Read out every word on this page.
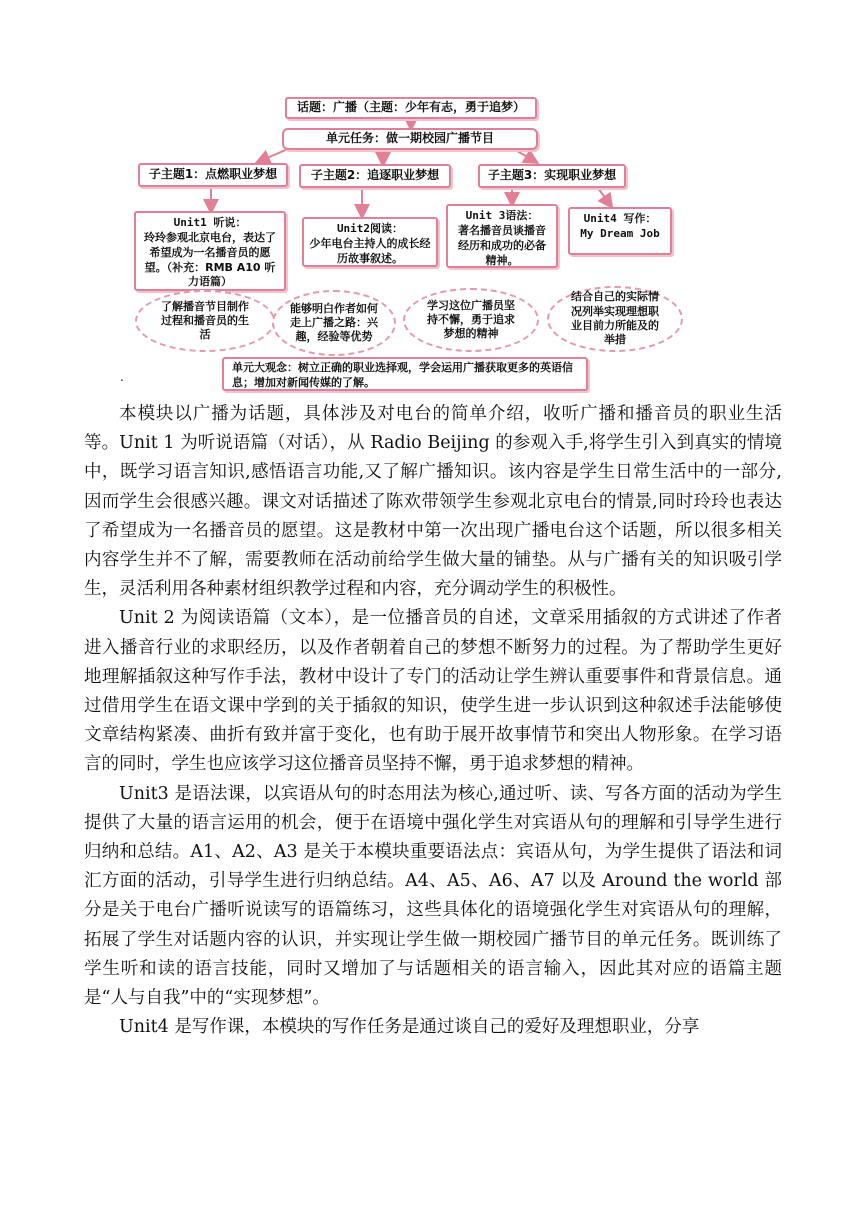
话题：广播（主题：少年有志，勇于追梦）
单元任务：做一期校园广播节目
子主题1：点燃职业梦想	子主题2：追逐职业梦想	子主题3：实现职业梦想
Unit1 听说：
玲玲参观北京电台，表达了希望成为一名播音员的愿望。（补充：RMB A10 听力语篇）
Unit2阅读：
少年电台主持人的成长经历故事叙述。
Unit 3语法：
著名播音员谈播音经历和成功的必备精神。
Unit4 写作：
My Dream Job
了解播音节目制作过程和播音员的生活
能够明白作者如何走上广播之路：兴趣，经验等优势
学习这位广播员坚持不懈，勇于追求梦想的精神
结合自己的实际情况列举实现理想职业目前力所能及的举措
单元大观念：树立正确的职业选择观，学会运用广播获取更多的英语信息；增加对新闻传媒的了解。
.

本模块以广播为话题，具体涉及对电台的简单介绍，收听广播和播音员的职业生活等。Unit 1 为听说语篇（对话），从 Radio Beijing 的参观入手,将学生引入到真实的情境中，既学习语言知识,感悟语言功能,又了解广播知识。该内容是学生日常生活中的一部分,因而学生会很感兴趣。课文对话描述了陈欢带领学生参观北京电台的情景,同时玲玲也表达了希望成为一名播音员的愿望。这是教材中第一次出现广播电台这个话题，所以很多相关内容学生并不了解，需要教师在活动前给学生做大量的铺垫。从与广播有关的知识吸引学生，灵活利用各种素材组织教学过程和内容，充分调动学生的积极性。

Unit 2 为阅读语篇（文本），是一位播音员的自述，文章采用插叙的方式讲述了作者进入播音行业的求职经历，以及作者朝着自己的梦想不断努力的过程。为了帮助学生更好地理解插叙这种写作手法，教材中设计了专门的活动让学生辨认重要事件和背景信息。通过借用学生在语文课中学到的关于插叙的知识，使学生进一步认识到这种叙述手法能够使文章结构紧凑、曲折有致并富于变化，也有助于展开故事情节和突出人物形象。在学习语言的同时，学生也应该学习这位播音员坚持不懈，勇于追求梦想的精神。

Unit3 是语法课，以宾语从句的时态用法为核心,通过听、读、写各方面的活动为学生提供了大量的语言运用的机会，便于在语境中强化学生对宾语从句的理解和引导学生进行归纳和总结。A1、A2、A3 是关于本模块重要语法点：宾语从句，为学生提供了语法和词汇方面的活动，引导学生进行归纳总结。A4、A5、A6、A7 以及 Around the world 部分是关于电台广播听说读写的语篇练习，这些具体化的语境强化学生对宾语从句的理解，拓展了学生对话题内容的认识，并实现让学生做一期校园广播节目的单元任务。既训练了学生听和读的语言技能，同时又增加了与话题相关的语言输入，因此其对应的语篇主题是“人与自我”中的“实现梦想”。

Unit4 是写作课，本模块的写作任务是通过谈自己的爱好及理想职业，分享
